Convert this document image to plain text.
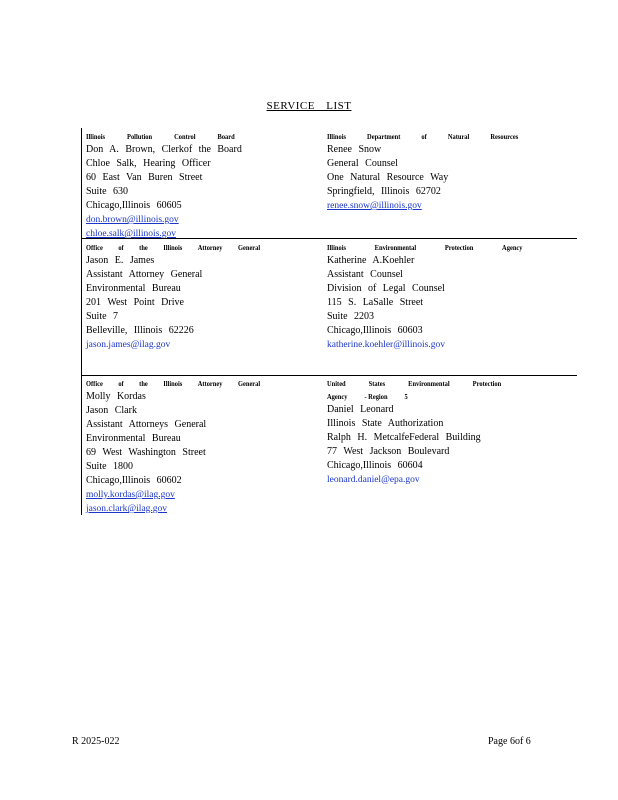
SERVICE LIST
Illinois	Pollution	Control	Board
Don A. Brown, Clerkof the Board
Chloe Salk, Hearing Officer
60 East Van Buren Street
Suite 630
Chicago,Illinois 60605
don.brown@illinois.gov
chloe.salk@illinois.gov
Illinois	Department	of	Natural	Resources
Renee Snow
General Counsel
One Natural Resource Way
Springfield, Illinois 62702
renee.snow@illinois.gov
Office of the Illinois Attorney General
Jason E. James
Assistant Attorney General
Environmental Bureau
201 West Point Drive
Suite 7
Belleville, Illinois 62226
jason.james@ilag.gov
Illinois	Environmental	Protection	Agency
Katherine A.Koehler
Assistant Counsel
Division of Legal Counsel
115 S. LaSalle Street
Suite 2203
Chicago,Illinois 60603
katherine.koehler@illinois.gov
Office of the Illinois Attorney General
Molly Kordas
Jason Clark
Assistant Attorneys General
Environmental Bureau
69 West Washington Street
Suite 1800
Chicago,Illinois 60602
molly.kordas@ilag.gov
jason.clark@ilag.gov
United	States	Environmental	Protection
Agency - Region 5
Daniel Leonard
Illinois State Authorization
Ralph H. MetcalfeFederal Building
77 West Jackson Boulevard
Chicago,Illinois 60604
leonard.daniel@epa.gov
R 2025-022	Page 6of 6
